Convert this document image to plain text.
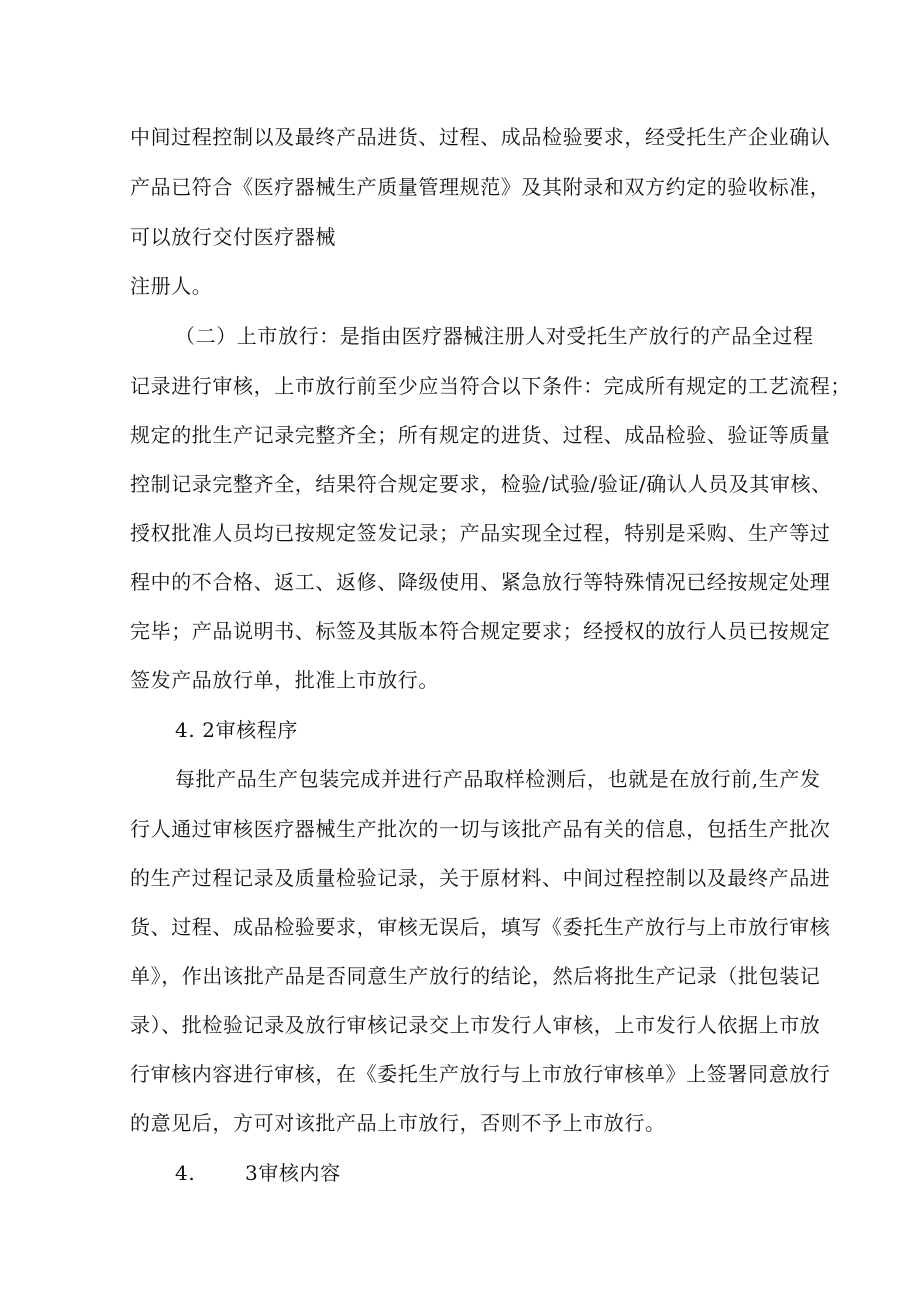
中间过程控制以及最终产品进货、过程、成品检验要求，经受托生产企业确认
产品已符合《医疗器械生产质量管理规范》及其附录和双方约定的验收标准，
可以放行交付医疗器械
注册人。
（二）上市放行：是指由医疗器械注册人对受托生产放行的产品全过程
记录进行审核，上市放行前至少应当符合以下条件：完成所有规定的工艺流程；
规定的批生产记录完整齐全；所有规定的进货、过程、成品检验、验证等质量
控制记录完整齐全，结果符合规定要求，检验/试验/验证/确认人员及其审核、
授权批准人员均已按规定签发记录；产品实现全过程，特别是采购、生产等过
程中的不合格、返工、返修、降级使用、紧急放行等特殊情况已经按规定处理
完毕；产品说明书、标签及其版本符合规定要求；经授权的放行人员已按规定
签发产品放行单，批准上市放行。
4. 2审核程序
每批产品生产包装完成并进行产品取样检测后，也就是在放行前,生产发
行人通过审核医疗器械生产批次的一切与该批产品有关的信息，包括生产批次
的生产过程记录及质量检验记录，关于原材料、中间过程控制以及最终产品进
货、过程、成品检验要求，审核无误后，填写《委托生产放行与上市放行审核
单》，作出该批产品是否同意生产放行的结论，然后将批生产记录（批包装记
录）、批检验记录及放行审核记录交上市发行人审核，上市发行人依据上市放
行审核内容进行审核，在《委托生产放行与上市放行审核单》上签署同意放行
的意见后，方可对该批产品上市放行，否则不予上市放行。
4. 3审核内容
